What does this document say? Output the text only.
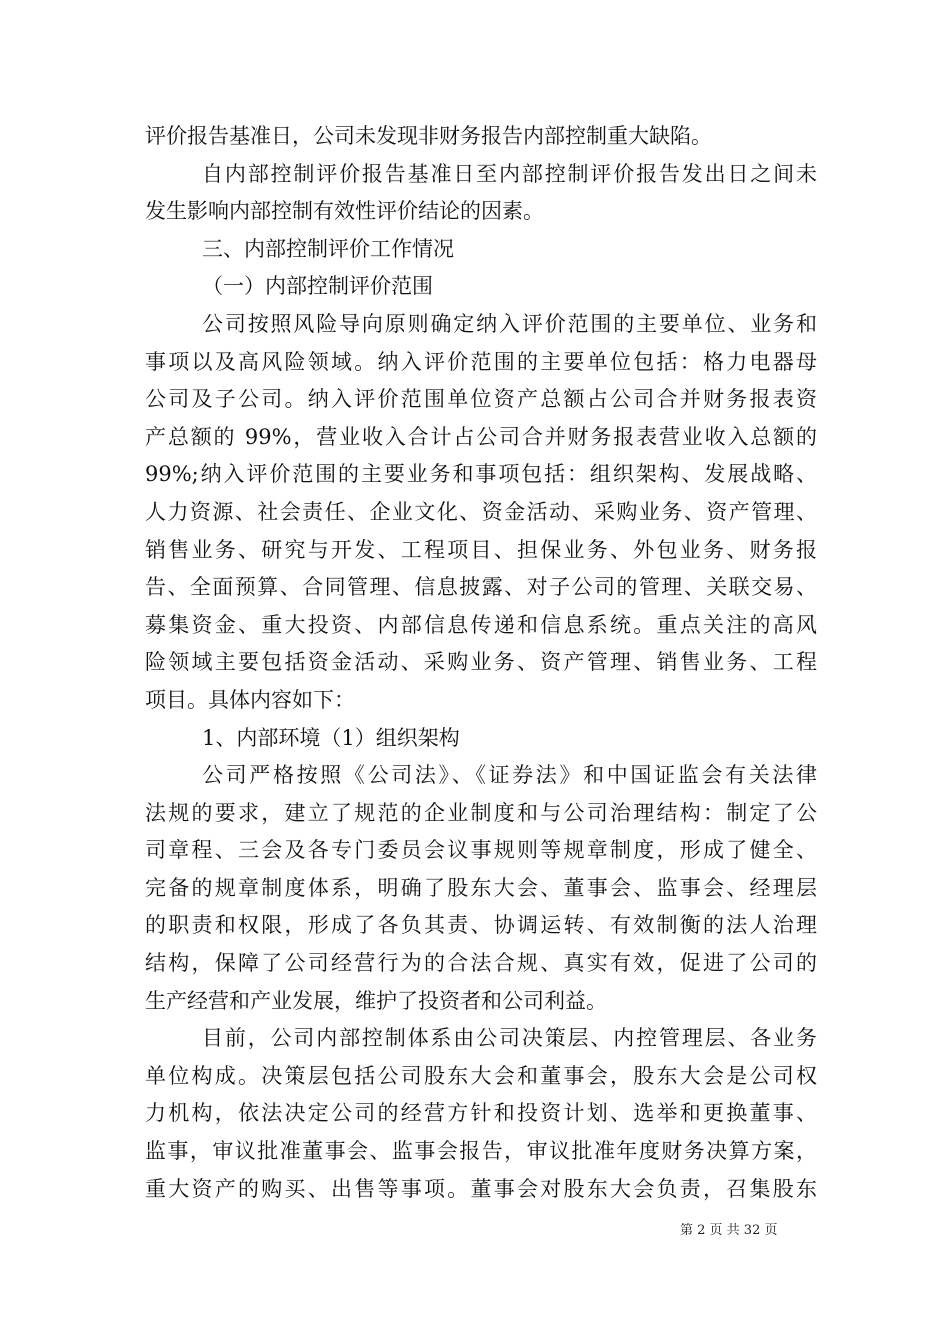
评价报告基准日，公司未发现非财务报告内部控制重大缺陷。
自内部控制评价报告基准日至内部控制评价报告发出日之间未
发生影响内部控制有效性评价结论的因素。
三、内部控制评价工作情况
（一）内部控制评价范围
公司按照风险导向原则确定纳入评价范围的主要单位、业务和
事项以及高风险领域。纳入评价范围的主要单位包括：格力电器母
公司及子公司。纳入评价范围单位资产总额占公司合并财务报表资
产总额的 99%，营业收入合计占公司合并财务报表营业收入总额的
99%;纳入评价范围的主要业务和事项包括：组织架构、发展战略、
人力资源、社会责任、企业文化、资金活动、采购业务、资产管理、
销售业务、研究与开发、工程项目、担保业务、外包业务、财务报
告、全面预算、合同管理、信息披露、对子公司的管理、关联交易、
募集资金、重大投资、内部信息传递和信息系统。重点关注的高风
险领域主要包括资金活动、采购业务、资产管理、销售业务、工程
项目。具体内容如下：
1、内部环境（1）组织架构
公司严格按照《公司法》、《证券法》和中国证监会有关法律
法规的要求，建立了规范的企业制度和与公司治理结构：制定了公
司章程、三会及各专门委员会议事规则等规章制度，形成了健全、
完备的规章制度体系，明确了股东大会、董事会、监事会、经理层
的职责和权限，形成了各负其责、协调运转、有效制衡的法人治理
结构，保障了公司经营行为的合法合规、真实有效，促进了公司的
生产经营和产业发展，维护了投资者和公司利益。
目前，公司内部控制体系由公司决策层、内控管理层、各业务
单位构成。决策层包括公司股东大会和董事会，股东大会是公司权
力机构，依法决定公司的经营方针和投资计划、选举和更换董事、
监事，审议批准董事会、监事会报告，审议批准年度财务决算方案，
重大资产的购买、出售等事项。董事会对股东大会负责，召集股东
第 2 页 共 32 页
